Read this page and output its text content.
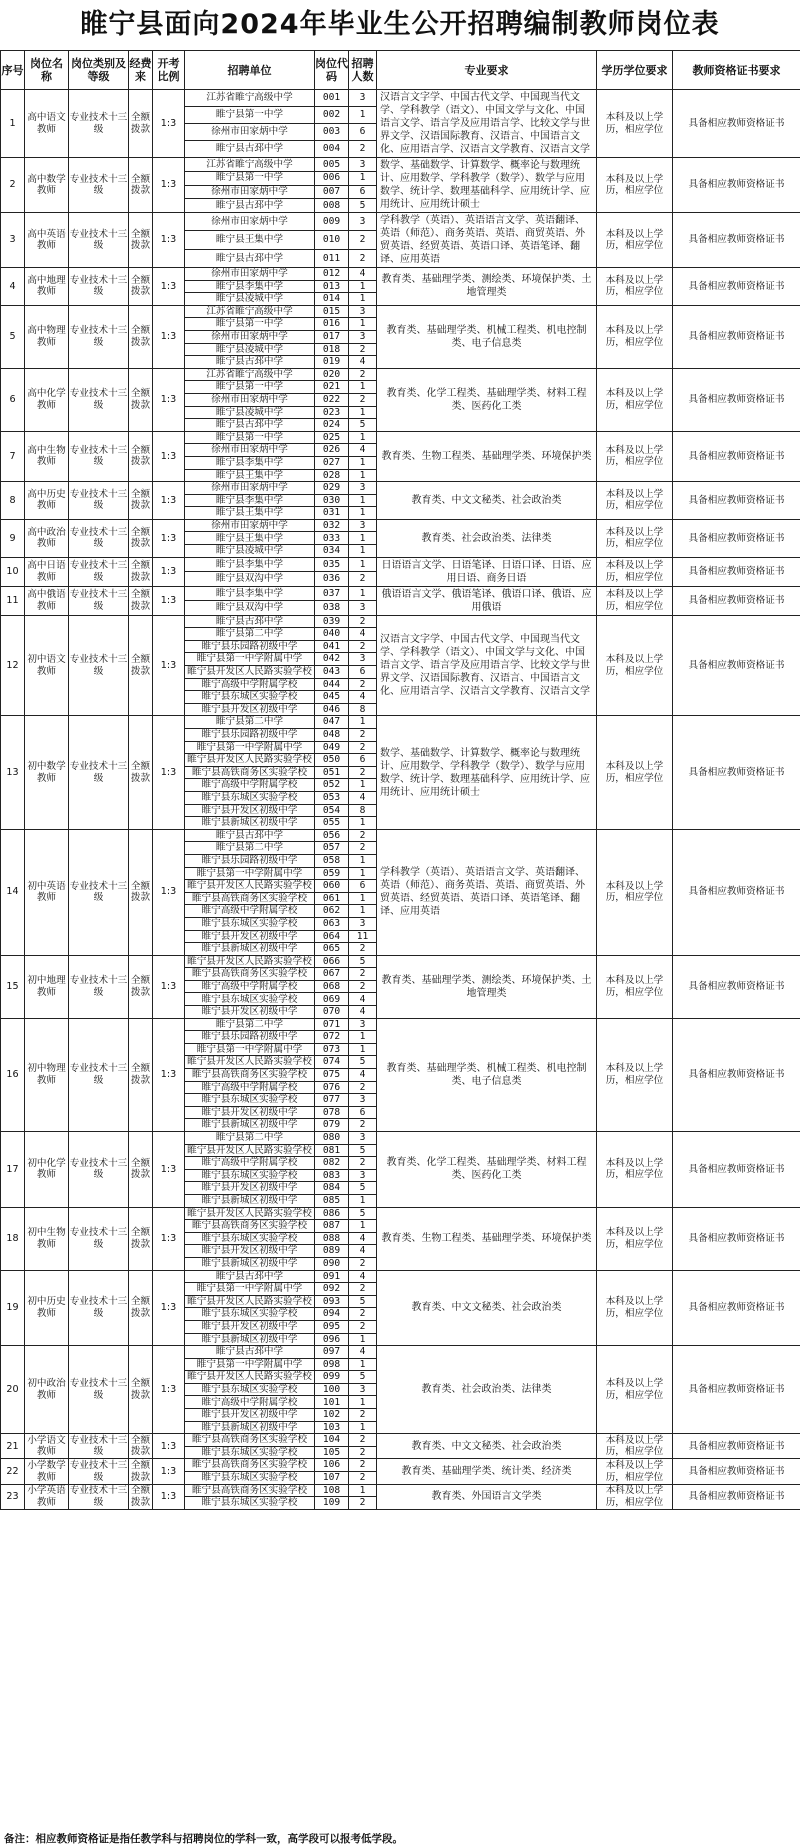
睢宁县面向2024年毕业生公开招聘编制教师岗位表
序号	岗位名称	岗位类别及等级	经费来	开考比例	招聘单位	岗位代码	招聘人数	专业要求	学历学位要求	教师资格证书要求
1	高中语文教师	专业技术十三级	全额拨款	1:3	江苏省睢宁高级中学	001	3	汉语言文字学、中国古代文学、中国现当代文学、学科教学（语文）、中国文学与文化、中国语言文学、语言学及应用语言学、比较文学与世界文学、汉语国际教育、汉语言、中国语言文化、应用语言学、汉语言文学教育、汉语言文学	本科及以上学历，相应学位	具备相应教师资格证书
					睢宁县第一中学	002	1			
					徐州市田家炳中学	003	6			
					睢宁县古邳中学	004	2			
2	高中数学教师	专业技术十三级	全额拨款	1:3	江苏省睢宁高级中学	005	3	数学、基础数学、计算数学、概率论与数理统计、应用数学、学科教学（数学）、数学与应用数学、统计学、数理基础科学、应用统计学、应用统计、应用统计硕士	本科及以上学历，相应学位	具备相应教师资格证书
					睢宁县第一中学	006	1			
					徐州市田家炳中学	007	6			
					睢宁县古邳中学	008	5			
3	高中英语教师	专业技术十三级	全额拨款	1:3	徐州市田家炳中学	009	3	学科教学（英语）、英语语言文学、英语翻译、英语（师范）、商务英语、英语、商贸英语、外贸英语、经贸英语、英语口译、英语笔译、翻译、应用英语	本科及以上学历，相应学位	具备相应教师资格证书
					睢宁县王集中学	010	2			
					睢宁县古邳中学	011	2			
4	高中地理教师	专业技术十三级	全额拨款	1:3	徐州市田家炳中学	012	4	教育类、基础理学类、测绘类、环境保护类、土地管理类	本科及以上学历，相应学位	具备相应教师资格证书
					睢宁县李集中学	013	1			
					睢宁县凌城中学	014	1			
5	高中物理教师	专业技术十三级	全额拨款	1:3	江苏省睢宁高级中学	015	3	教育类、基础理学类、机械工程类、机电控制类、电子信息类	本科及以上学历，相应学位	具备相应教师资格证书
					睢宁县第一中学	016	1			
					徐州市田家炳中学	017	3			
					睢宁县凌城中学	018	2			
					睢宁县古邳中学	019	4			
6	高中化学教师	专业技术十三级	全额拨款	1:3	江苏省睢宁高级中学	020	2	教育类、化学工程类、基础理学类、材料工程类、医药化工类	本科及以上学历，相应学位	具备相应教师资格证书
					睢宁县第一中学	021	1			
					徐州市田家炳中学	022	2			
					睢宁县凌城中学	023	1			
					睢宁县古邳中学	024	5			
7	高中生物教师	专业技术十三级	全额拨款	1:3	睢宁县第一中学	025	1	教育类、生物工程类、基础理学类、环境保护类	本科及以上学历，相应学位	具备相应教师资格证书
					徐州市田家炳中学	026	4			
					睢宁县李集中学	027	1			
					睢宁县王集中学	028	1			
8	高中历史教师	专业技术十三级	全额拨款	1:3	徐州市田家炳中学	029	3	教育类、中文文秘类、社会政治类	本科及以上学历，相应学位	具备相应教师资格证书
					睢宁县李集中学	030	1			
					睢宁县王集中学	031	1			
9	高中政治教师	专业技术十三级	全额拨款	1:3	徐州市田家炳中学	032	3	教育类、社会政治类、法律类	本科及以上学历，相应学位	具备相应教师资格证书
					睢宁县王集中学	033	1			
					睢宁县凌城中学	034	1			
10	高中日语教师	专业技术十三级	全额拨款	1:3	睢宁县李集中学	035	1	日语语言文学、日语笔译、日语口译、日语、应用日语、商务日语	本科及以上学历，相应学位	具备相应教师资格证书
					睢宁县双沟中学	036	2			
11	高中俄语教师	专业技术十三级	全额拨款	1:3	睢宁县李集中学	037	1	俄语语言文学、俄语笔译、俄语口译、俄语、应用俄语	本科及以上学历，相应学位	具备相应教师资格证书
					睢宁县双沟中学	038	3			
12	初中语文教师	专业技术十三级	全额拨款	1:3	睢宁县古邳中学	039	2	汉语言文字学、中国古代文学、中国现当代文学、学科教学（语文）、中国文学与文化、中国语言文学、语言学及应用语言学、比较文学与世界文学、汉语国际教育、汉语言、中国语言文化、应用语言学、汉语言文学教育、汉语言文学	本科及以上学历，相应学位	具备相应教师资格证书
					睢宁县第二中学	040	4			
					睢宁县乐园路初级中学	041	2			
					睢宁县第一中学附属中学	042	3			
					睢宁县开发区人民路实验学校	043	6			
					睢宁高级中学附属学校	044	2			
					睢宁县东城区实验学校	045	4			
					睢宁县开发区初级中学	046	8			
13	初中数学教师	专业技术十三级	全额拨款	1:3	睢宁县第二中学	047	1	数学、基础数学、计算数学、概率论与数理统计、应用数学、学科教学（数学）、数学与应用数学、统计学、数理基础科学、应用统计学、应用统计、应用统计硕士	本科及以上学历，相应学位	具备相应教师资格证书
					睢宁县乐园路初级中学	048	2			
					睢宁县第一中学附属中学	049	2			
					睢宁县开发区人民路实验学校	050	6			
					睢宁县高铁商务区实验学校	051	2			
					睢宁高级中学附属学校	052	1			
					睢宁县东城区实验学校	053	4			
					睢宁县开发区初级中学	054	8			
					睢宁县新城区初级中学	055	1			
14	初中英语教师	专业技术十三级	全额拨款	1:3	睢宁县古邳中学	056	2	学科教学（英语）、英语语言文学、英语翻译、英语（师范）、商务英语、英语、商贸英语、外贸英语、经贸英语、英语口译、英语笔译、翻译、应用英语	本科及以上学历，相应学位	具备相应教师资格证书
					睢宁县第二中学	057	2			
					睢宁县乐园路初级中学	058	1			
					睢宁县第一中学附属中学	059	1			
					睢宁县开发区人民路实验学校	060	6			
					睢宁县高铁商务区实验学校	061	1			
					睢宁高级中学附属学校	062	1			
					睢宁县东城区实验学校	063	3			
					睢宁县开发区初级中学	064	11			
					睢宁县新城区初级中学	065	2			
15	初中地理教师	专业技术十三级	全额拨款	1:3	睢宁县开发区人民路实验学校	066	5	教育类、基础理学类、测绘类、环境保护类、土地管理类	本科及以上学历，相应学位	具备相应教师资格证书
					睢宁县高铁商务区实验学校	067	2			
					睢宁高级中学附属学校	068	2			
					睢宁县东城区实验学校	069	4			
					睢宁县开发区初级中学	070	4			
16	初中物理教师	专业技术十三级	全额拨款	1:3	睢宁县第二中学	071	3	教育类、基础理学类、机械工程类、机电控制类、电子信息类	本科及以上学历，相应学位	具备相应教师资格证书
					睢宁县乐园路初级中学	072	1			
					睢宁县第一中学附属中学	073	1			
					睢宁县开发区人民路实验学校	074	5			
					睢宁县高铁商务区实验学校	075	4			
					睢宁高级中学附属学校	076	2			
					睢宁县东城区实验学校	077	3			
					睢宁县开发区初级中学	078	6			
					睢宁县新城区初级中学	079	2			
17	初中化学教师	专业技术十三级	全额拨款	1:3	睢宁县第二中学	080	3	教育类、化学工程类、基础理学类、材料工程类、医药化工类	本科及以上学历，相应学位	具备相应教师资格证书
					睢宁县开发区人民路实验学校	081	5			
					睢宁高级中学附属学校	082	2			
					睢宁县东城区实验学校	083	3			
					睢宁县开发区初级中学	084	5			
					睢宁县新城区初级中学	085	1			
18	初中生物教师	专业技术十三级	全额拨款	1:3	睢宁县开发区人民路实验学校	086	5	教育类、生物工程类、基础理学类、环境保护类	本科及以上学历，相应学位	具备相应教师资格证书
					睢宁县高铁商务区实验学校	087	1			
					睢宁县东城区实验学校	088	4			
					睢宁县开发区初级中学	089	4			
					睢宁县新城区初级中学	090	2			
19	初中历史教师	专业技术十三级	全额拨款	1:3	睢宁县古邳中学	091	4	教育类、中文文秘类、社会政治类	本科及以上学历，相应学位	具备相应教师资格证书
					睢宁县第一中学附属中学	092	2			
					睢宁县开发区人民路实验学校	093	5			
					睢宁县东城区实验学校	094	2			
					睢宁县开发区初级中学	095	2			
					睢宁县新城区初级中学	096	1			
20	初中政治教师	专业技术十三级	全额拨款	1:3	睢宁县古邳中学	097	4	教育类、社会政治类、法律类	本科及以上学历，相应学位	具备相应教师资格证书
					睢宁县第一中学附属中学	098	1			
					睢宁县开发区人民路实验学校	099	5			
					睢宁县东城区实验学校	100	3			
					睢宁高级中学附属学校	101	1			
					睢宁县开发区初级中学	102	2			
					睢宁县新城区初级中学	103	1			
21	小学语文教师	专业技术十三级	全额拨款	1:3	睢宁县高铁商务区实验学校	104	2	教育类、中文文秘类、社会政治类	本科及以上学历，相应学位	具备相应教师资格证书
					睢宁县东城区实验学校	105	2			
22	小学数学教师	专业技术十三级	全额拨款	1:3	睢宁县高铁商务区实验学校	106	2	教育类、基础理学类、统计类、经济类	本科及以上学历，相应学位	具备相应教师资格证书
					睢宁县东城区实验学校	107	2			
23	小学英语教师	专业技术十三级	全额拨款	1:3	睢宁县高铁商务区实验学校	108	1	教育类、外国语言文学类	本科及以上学历，相应学位	具备相应教师资格证书
					睢宁县东城区实验学校	109	2			
备注：相应教师资格证是指任教学科与招聘岗位的学科一致，高学段可以报考低学段。
